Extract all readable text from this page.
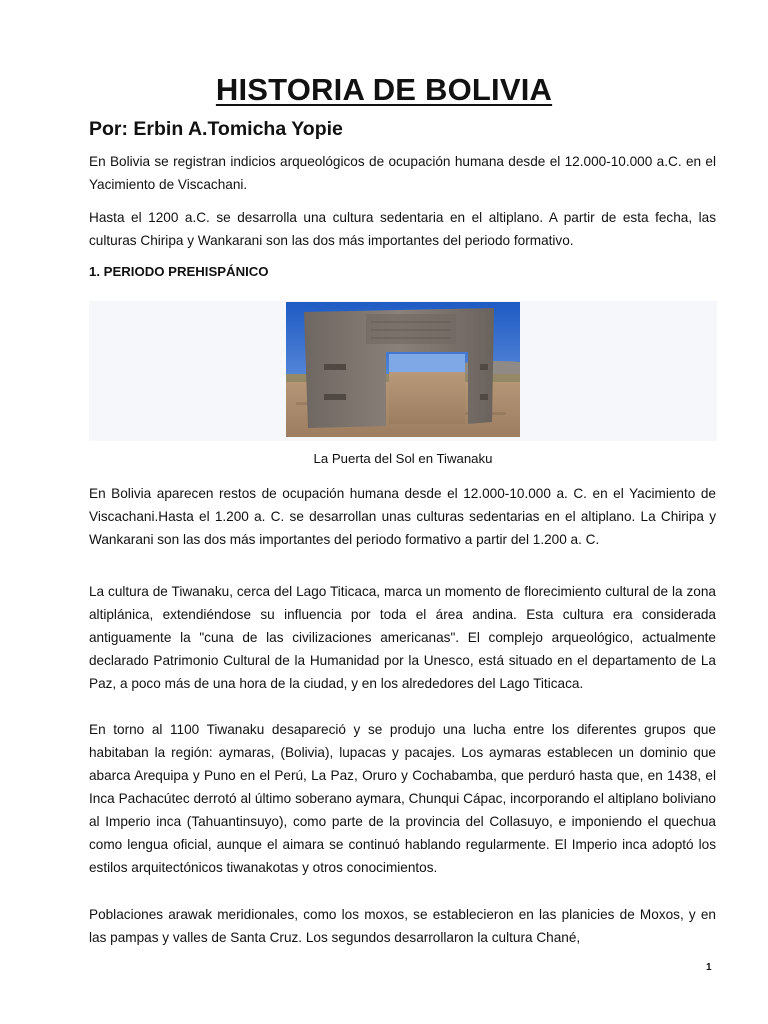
HISTORIA DE BOLIVIA
Por: Erbin A.Tomicha Yopie

En Bolivia se registran indicios arqueológicos de ocupación humana desde el 12.000-10.000 a.C. en el Yacimiento de Viscachani.

Hasta el 1200 a.C. se desarrolla una cultura sedentaria en el altiplano. A partir de esta fecha, las culturas Chiripa y Wankarani son las dos más importantes del periodo formativo.

1. PERIODO PREHISPÁNICO

La Puerta del Sol en Tiwanaku

En Bolivia aparecen restos de ocupación humana desde el 12.000-10.000 a. C. en el Yacimiento de Viscachani.Hasta el 1.200 a. C. se desarrollan unas culturas sedentarias en el altiplano. La Chiripa y Wankarani son las dos más importantes del periodo formativo a partir del 1.200 a. C.

La cultura de Tiwanaku, cerca del Lago Titicaca, marca un momento de florecimiento cultural de la zona altiplánica, extendiéndose su influencia por toda el área andina. Esta cultura era considerada antiguamente la "cuna de las civilizaciones americanas". El complejo arqueológico, actualmente declarado Patrimonio Cultural de la Humanidad por la Unesco, está situado en el departamento de La Paz, a poco más de una hora de la ciudad, y en los alrededores del Lago Titicaca.

En torno al 1100 Tiwanaku desapareció y se produjo una lucha entre los diferentes grupos que habitaban la región: aymaras, (Bolivia), lupacas y pacajes. Los aymaras establecen un dominio que abarca Arequipa y Puno en el Perú, La Paz, Oruro y Cochabamba, que perduró hasta que, en 1438, el Inca Pachacútec derrotó al último soberano aymara, Chunqui Cápac, incorporando el altiplano boliviano al Imperio inca (Tahuantinsuyo), como parte de la provincia del Collasuyo, e imponiendo el quechua como lengua oficial, aunque el aimara se continuó hablando regularmente. El Imperio inca adoptó los estilos arquitectónicos tiwanakotas y otros conocimientos.

Poblaciones arawak meridionales, como los moxos, se establecieron en las planicies de Moxos, y en las pampas y valles de Santa Cruz. Los segundos desarrollaron la cultura Chané,

1
